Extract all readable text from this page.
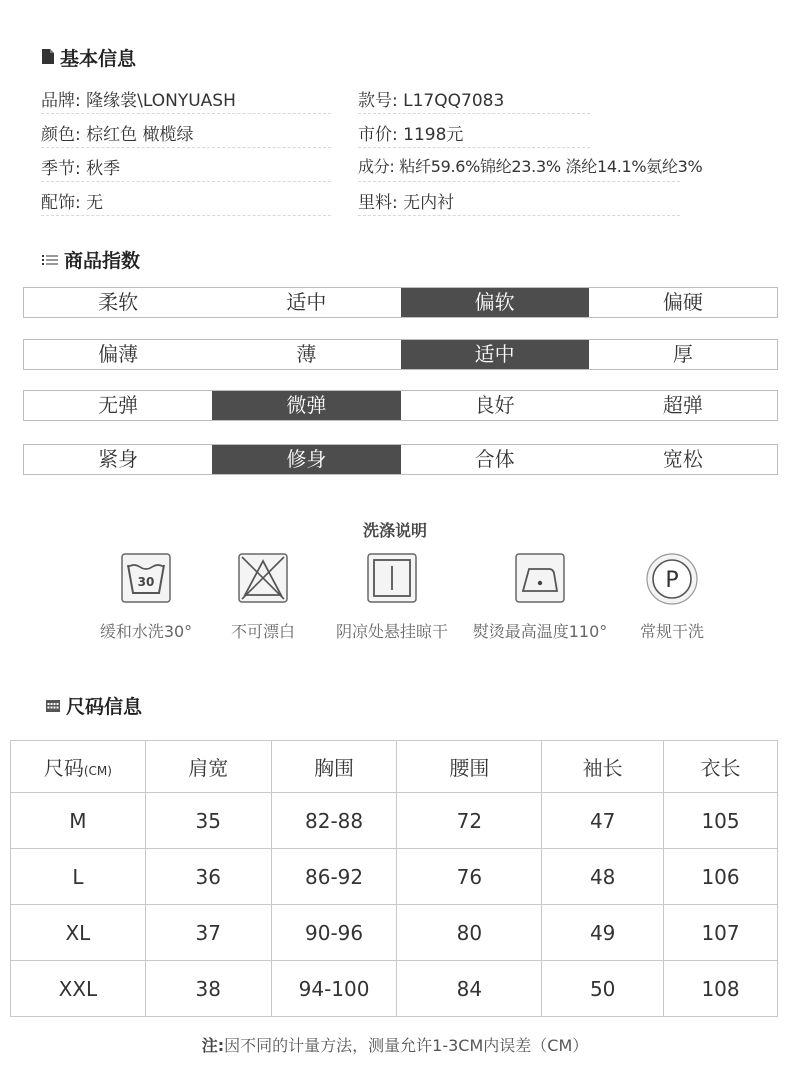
基本信息
品牌: 隆缘裳\LONYUASH
颜色: 棕红色 橄榄绿
季节: 秋季
配饰: 无
款号: L17QQ7083
市价: 1198元
成分: 粘纤59.6%锦纶23.3% 涤纶14.1%氨纶3%
里料: 无内衬
商品指数
柔软	适中	偏软	偏硬
偏薄	薄	适中	厚
无弹	微弹	良好	超弹
紧身	修身	合体	宽松
洗涤说明
30
缓和水洗30°	不可漂白	阴凉处悬挂晾干	熨烫最高温度110°
P
常规干洗
尺码信息
尺码(CM)	肩宽	胸围	腰围	袖长	衣长
M	35	82-88	72	47	105
L	36	86-92	76	48	106
XL	37	90-96	80	49	107
XXL	38	94-100	84	50	108
注:因不同的计量方法，测量允许1-3CM内误差（CM）
